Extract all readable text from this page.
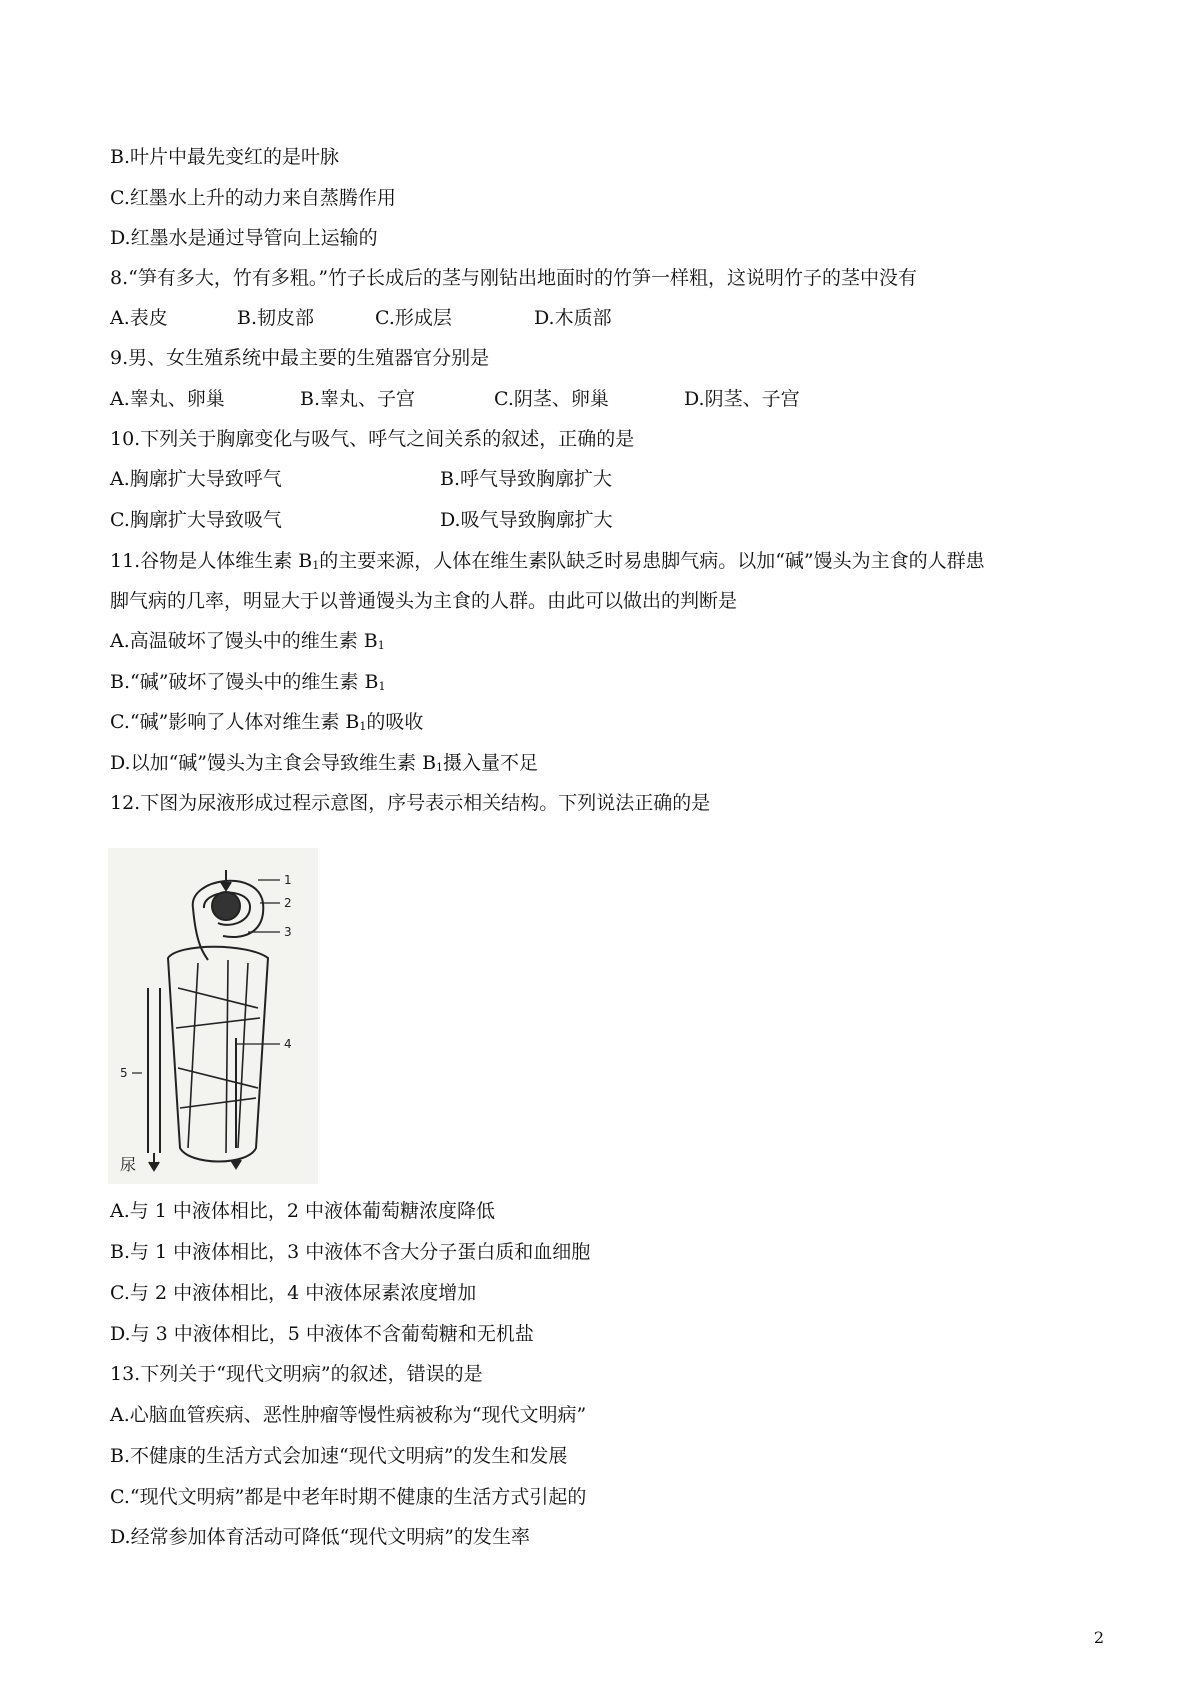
B.叶片中最先变红的是叶脉
C.红墨水上升的动力来自蒸腾作用
D.红墨水是通过导管向上运输的
8.“笋有多大，竹有多粗。”竹子长成后的茎与刚钻出地面时的竹笋一样粗，这说明竹子的茎中没有

A.表皮

	B.韧皮部

	C.形成层

	D.木质部

9.男、女生殖系统中最主要的生殖器官分别是

A.睾丸、卵巢

	B.睾丸、子宫

	C.阴茎、卵巢

	D.阴茎、子宫

10.下列关于胸廓变化与吸气、呼气之间关系的叙述，正确的是

A.胸廓扩大导致呼气

	B.呼气导致胸廓扩大

C.胸廓扩大导致吸气

	D.吸气导致胸廓扩大

11.谷物是人体维生素 $B_1$的主要来源，人体在维生素队缺乏时易患脚气病。以加“碱”馒头为主食的人群患
脚气病的几率，明显大于以普通馒头为主食的人群。由此可以做出的判断是
A.高温破坏了馒头中的维生素 $B_1$
B.“碱”破坏了馒头中的维生素 $B_1$
C.“碱”影响了人体对维生素 $B_1$的吸收
D.以加“碱”馒头为主食会导致维生素 $B_1$摄入量不足
12.下图为尿液形成过程示意图，序号表示相关结构。下列说法正确的是
1
2
3
4
5
尿
A.与 1 中液体相比，2 中液体葡萄糖浓度降低
B.与 1 中液体相比，3 中液体不含大分子蛋白质和血细胞
C.与 2 中液体相比，4 中液体尿素浓度增加
D.与 3 中液体相比，5 中液体不含葡萄糖和无机盐
13.下列关于“现代文明病”的叙述，错误的是
A.心脑血管疾病、恶性肿瘤等慢性病被称为“现代文明病”
B.不健康的生活方式会加速“现代文明病”的发生和发展
C.“现代文明病”都是中老年时期不健康的生活方式引起的
D.经常参加体育活动可降低“现代文明病”的发生率
2
